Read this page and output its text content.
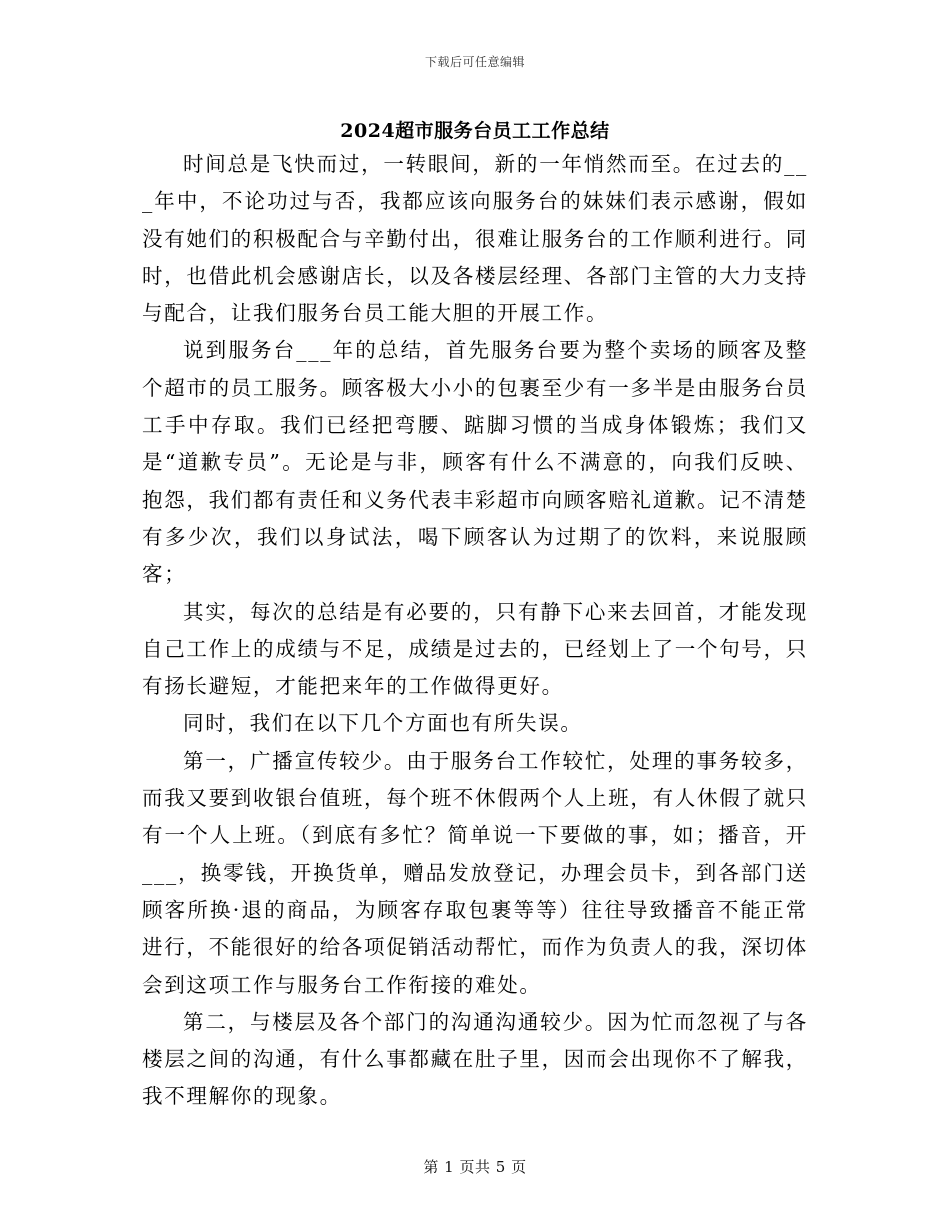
下载后可任意编辑
2024超市服务台员工工作总结

时间总是飞快而过，一转眼间，新的一年悄然而至。在过去的___年中，不论功过与否，我都应该向服务台的妹妹们表示感谢，假如没有她们的积极配合与辛勤付出，很难让服务台的工作顺利进行。同时，也借此机会感谢店长，以及各楼层经理、各部门主管的大力支持与配合，让我们服务台员工能大胆的开展工作。

说到服务台___年的总结，首先服务台要为整个卖场的顾客及整个超市的员工服务。顾客极大小小的包裹至少有一多半是由服务台员工手中存取。我们已经把弯腰、踮脚习惯的当成身体锻炼；我们又是“道歉专员”。无论是与非，顾客有什么不满意的，向我们反映、抱怨，我们都有责任和义务代表丰彩超市向顾客赔礼道歉。记不清楚有多少次，我们以身试法，喝下顾客认为过期了的饮料，来说服顾客；

其实，每次的总结是有必要的，只有静下心来去回首，才能发现自己工作上的成绩与不足，成绩是过去的，已经划上了一个句号，只有扬长避短，才能把来年的工作做得更好。

同时，我们在以下几个方面也有所失误。

第一，广播宣传较少。由于服务台工作较忙，处理的事务较多，而我又要到收银台值班，每个班不休假两个人上班，有人休假了就只有一个人上班。（到底有多忙？简单说一下要做的事，如；播音，开___，换零钱，开换货单，赠品发放登记，办理会员卡，到各部门送顾客所换·退的商品，为顾客存取包裹等等）往往导致播音不能正常进行，不能很好的给各项促销活动帮忙，而作为负责人的我，深切体会到这项工作与服务台工作衔接的难处。

第二，与楼层及各个部门的沟通沟通较少。因为忙而忽视了与各楼层之间的沟通，有什么事都藏在肚子里，因而会出现你不了解我，我不理解你的现象。

第 1 页共 5 页
